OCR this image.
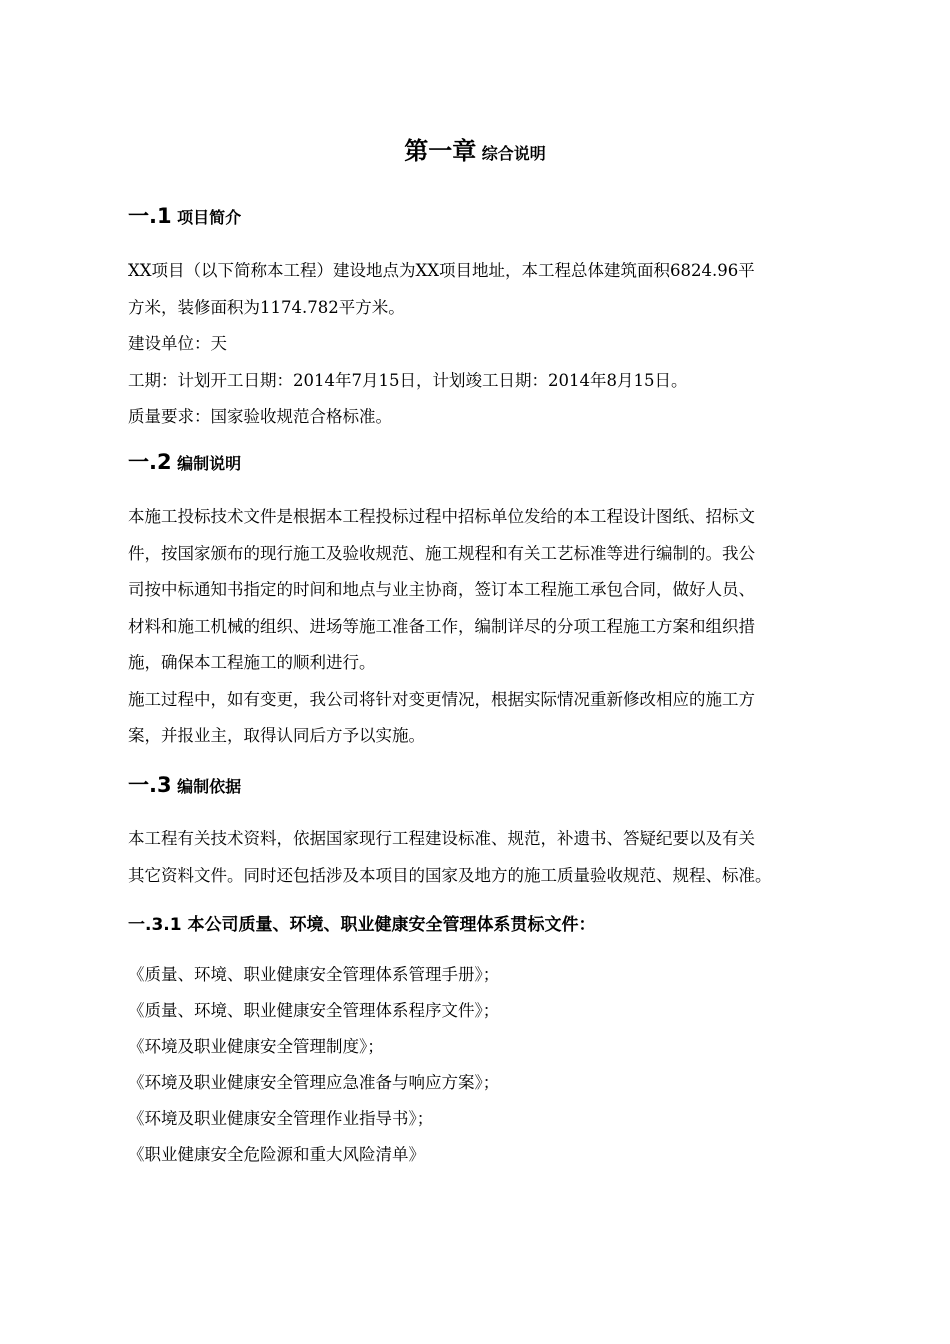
第一章 综合说明
一.1 项目简介

XX项目（以下简称本工程）建设地点为XX项目地址，本工程总体建筑面积6824.96平

方米，装修面积为1174.782平方米。

建设单位：天

工期：计划开工日期：2014年7月15日，计划竣工日期：2014年8月15日。

质量要求：国家验收规范合格标准。

一.2 编制说明

本施工投标技术文件是根据本工程投标过程中招标单位发给的本工程设计图纸、招标文

件，按国家颁布的现行施工及验收规范、施工规程和有关工艺标准等进行编制的。我公

司按中标通知书指定的时间和地点与业主协商，签订本工程施工承包合同，做好人员、

材料和施工机械的组织、进场等施工准备工作，编制详尽的分项工程施工方案和组织措

施，确保本工程施工的顺利进行。

施工过程中，如有变更，我公司将针对变更情况，根据实际情况重新修改相应的施工方

案，并报业主，取得认同后方予以实施。

一.3 编制依据

本工程有关技术资料，依据国家现行工程建设标准、规范，补遗书、答疑纪要以及有关

其它资料文件。同时还包括涉及本项目的国家及地方的施工质量验收规范、规程、标准。

一.3.1 本公司质量、环境、职业健康安全管理体系贯标文件：
《质量、环境、职业健康安全管理体系管理手册》；
《质量、环境、职业健康安全管理体系程序文件》；
《环境及职业健康安全管理制度》；
《环境及职业健康安全管理应急准备与响应方案》；
《环境及职业健康安全管理作业指导书》；
《职业健康安全危险源和重大风险清单》
